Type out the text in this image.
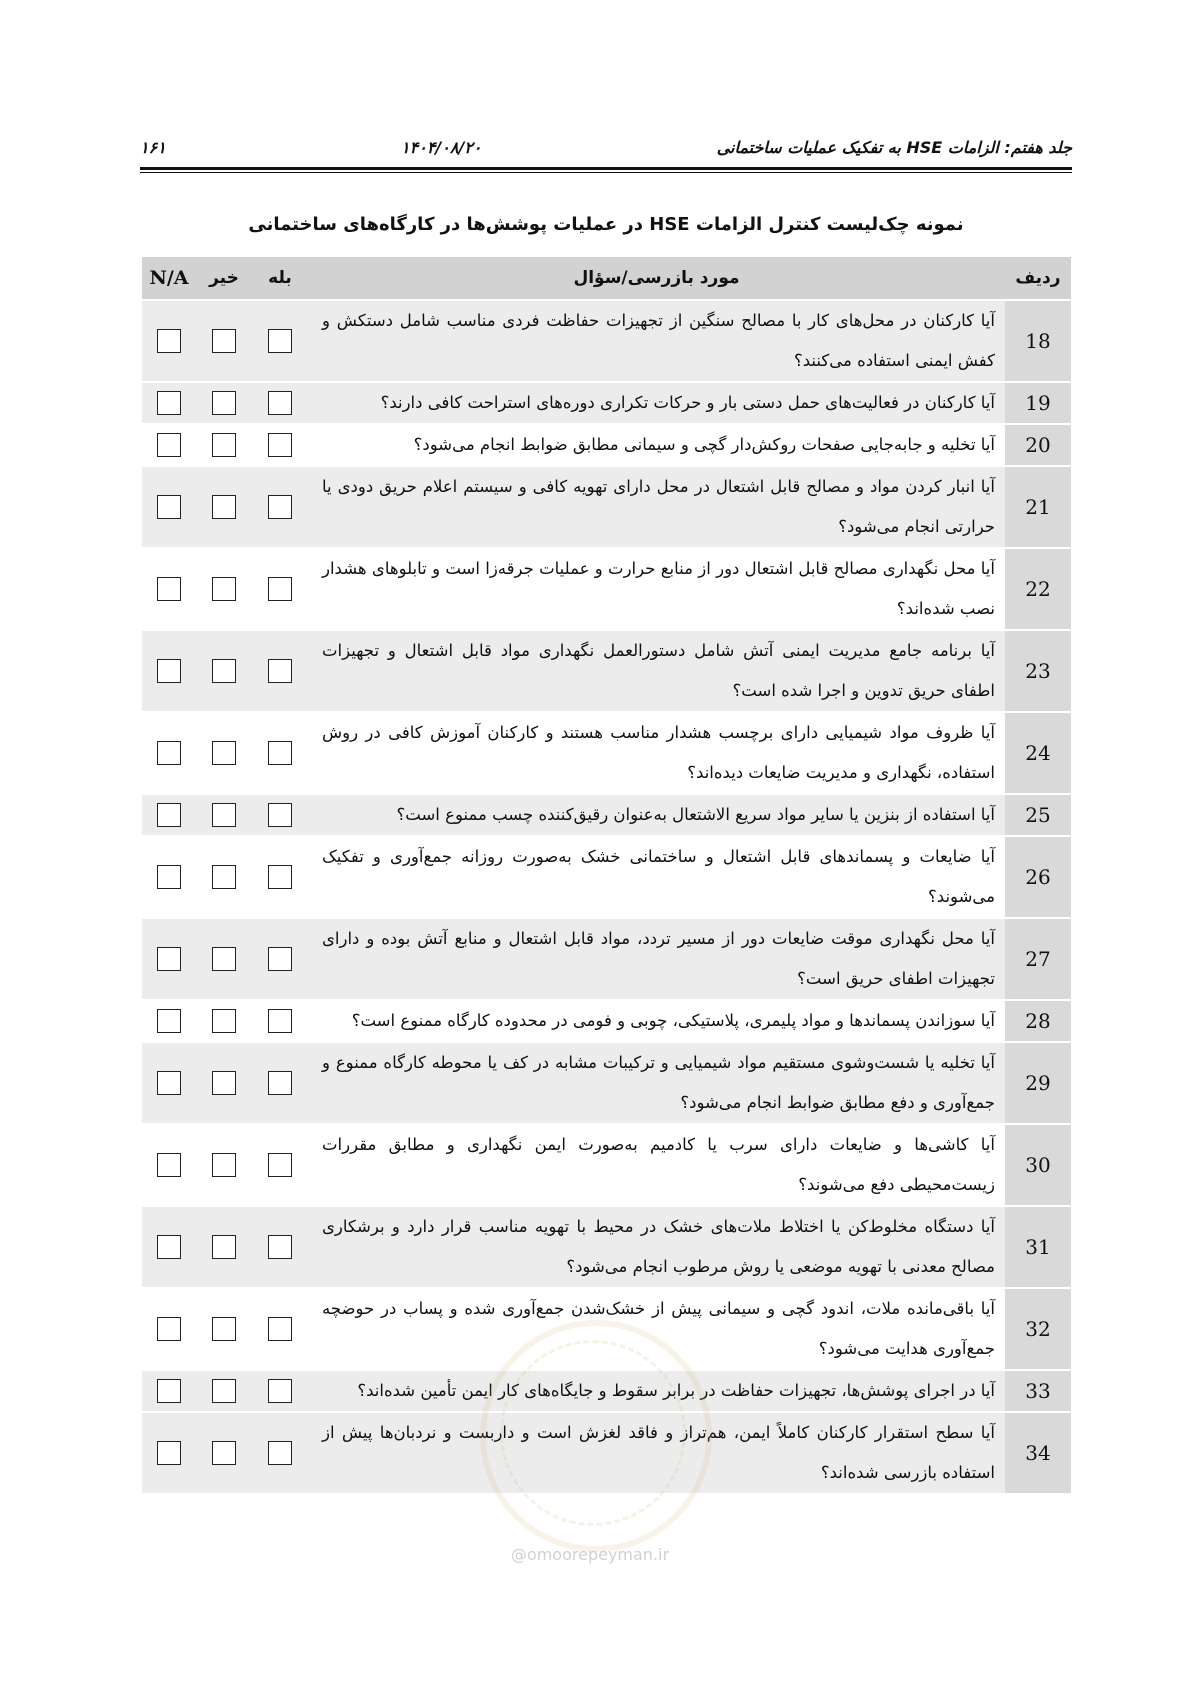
۱۶۱	۱۴۰۴/۰۸/۲۰	جلد هفتم: الزامات HSE به تفکیک عملیات ساختمانی
نمونه چک‌لیست کنترل الزامات HSE در عملیات پوشش‌ها در کارگاه‌های ساختمانی
ردیف	مورد بازرسی/سؤال	بله	خیر	N/A
18	آیا کارکنان در محل‌های کار با مصالح سنگین از تجهیزات حفاظت فردی مناسب شامل دستکش و کفش ایمنی استفاده می‌کنند؟			
19	آیا کارکنان در فعالیت‌های حمل دستی بار و حرکات تکراری دوره‌های استراحت کافی دارند؟			
20	آیا تخلیه و جابه‌جایی صفحات روکش‌دار گچی و سیمانی مطابق ضوابط انجام می‌شود؟			
21	آیا انبار کردن مواد و مصالح قابل اشتعال در محل دارای تهویه کافی و سیستم اعلام حریق دودی یا حرارتی انجام می‌شود؟			
22	آیا محل نگهداری مصالح قابل اشتعال دور از منابع حرارت و عملیات جرقه‌زا است و تابلوهای هشدار نصب شده‌اند؟			
23	آیا برنامه جامع مدیریت ایمنی آتش شامل دستورالعمل نگهداری مواد قابل اشتعال و تجهیزات اطفای حریق تدوین و اجرا شده است؟			
24	آیا ظروف مواد شیمیایی دارای برچسب هشدار مناسب هستند و کارکنان آموزش کافی در روش استفاده، نگهداری و مدیریت ضایعات دیده‌اند؟			
25	آیا استفاده از بنزین یا سایر مواد سریع الاشتعال به‌عنوان رقیق‌کننده چسب ممنوع است؟			
26	آیا ضایعات و پسماندهای قابل اشتعال و ساختمانی خشک به‌صورت روزانه جمع‌آوری و تفکیک می‌شوند؟			
27	آیا محل نگهداری موقت ضایعات دور از مسیر تردد، مواد قابل اشتعال و منابع آتش بوده و دارای تجهیزات اطفای حریق است؟			
28	آیا سوزاندن پسماندها و مواد پلیمری، پلاستیکی، چوبی و فومی در محدوده کارگاه ممنوع است؟			
29	آیا تخلیه یا شست‌وشوی مستقیم مواد شیمیایی و ترکیبات مشابه در کف یا محوطه کارگاه ممنوع و جمع‌آوری و دفع مطابق ضوابط انجام می‌شود؟			
30	آیا کاشی‌ها و ضایعات دارای سرب یا کادمیم به‌صورت ایمن نگهداری و مطابق مقررات زیست‌محیطی دفع می‌شوند؟			
31	آیا دستگاه مخلوط‌کن یا اختلاط ملات‌های خشک در محیط با تهویه مناسب قرار دارد و برشکاری مصالح معدنی با تهویه موضعی یا روش مرطوب انجام می‌شود؟			
32	آیا باقی‌مانده ملات، اندود گچی و سیمانی پیش از خشک‌شدن جمع‌آوری شده و پساب در حوضچه جمع‌آوری هدایت می‌شود؟			
33	آیا در اجرای پوشش‌ها، تجهیزات حفاظت در برابر سقوط و جایگاه‌های کار ایمن تأمین شده‌اند؟			
34	آیا سطح استقرار کارکنان کاملاً ایمن، هم‌تراز و فاقد لغزش است و داربست و نردبان‌ها پیش از استفاده بازرسی شده‌اند؟			
@omoorepeyman.ir
